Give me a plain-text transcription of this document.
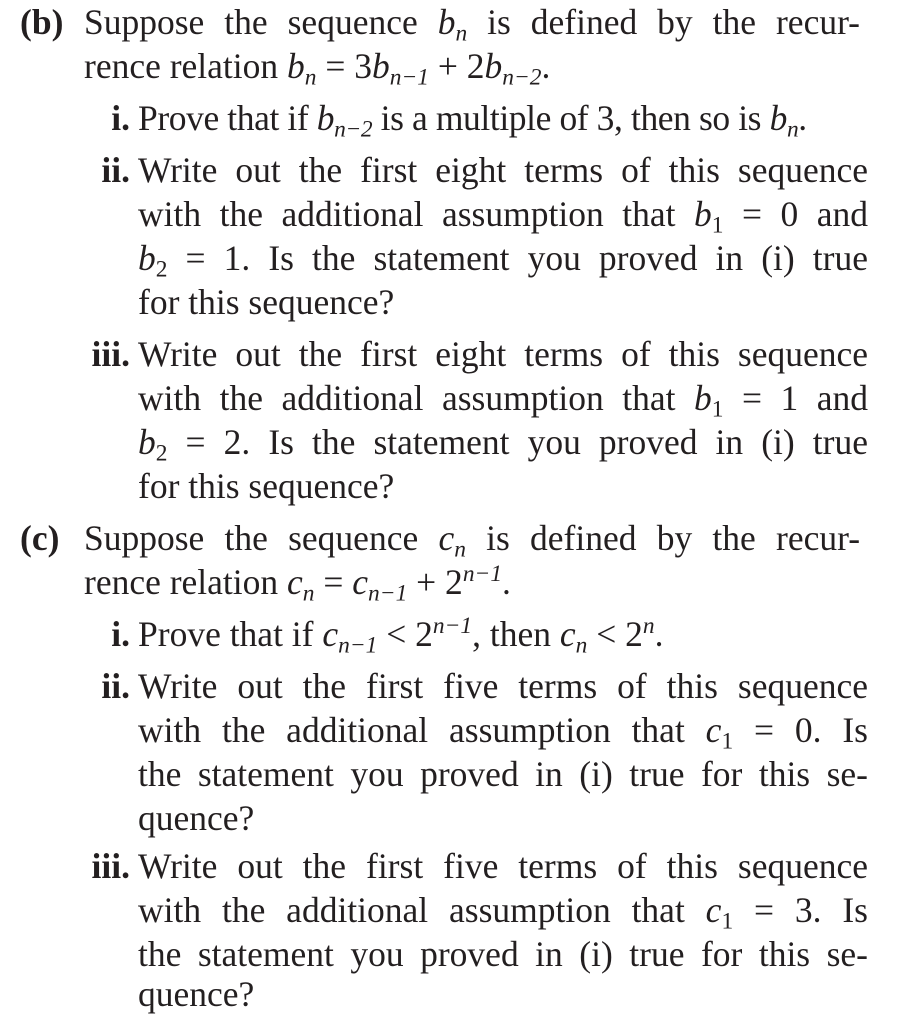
(b) Suppose the sequence $b_n$ is defined by the recur-
rence relation $b_n = 3b_{n-1} + 2b_{n-2}$.
i. Prove that if $b_{n-2}$ is a multiple of 3, then so is $b_n$.
ii. Write out the first eight terms of this sequence
with the additional assumption that $b_1 = 0$ and
$b_2 = 1$. Is the statement you proved in (i) true
for this sequence?
iii. Write out the first eight terms of this sequence
with the additional assumption that $b_1 = 1$ and
$b_2 = 2$. Is the statement you proved in (i) true
for this sequence?
(c) Suppose the sequence $c_n$ is defined by the recur-
rence relation $c_n = c_{n-1} + 2^{n-1}$.
i. Prove that if $c_{n-1} < 2^{n-1}$, then $c_n < 2^n$.
ii. Write out the first five terms of this sequence
with the additional assumption that $c_1 = 0$. Is
the statement you proved in (i) true for this se-
quence?
iii. Write out the first five terms of this sequence
with the additional assumption that $c_1 = 3$. Is
the statement you proved in (i) true for this se-
quence?
